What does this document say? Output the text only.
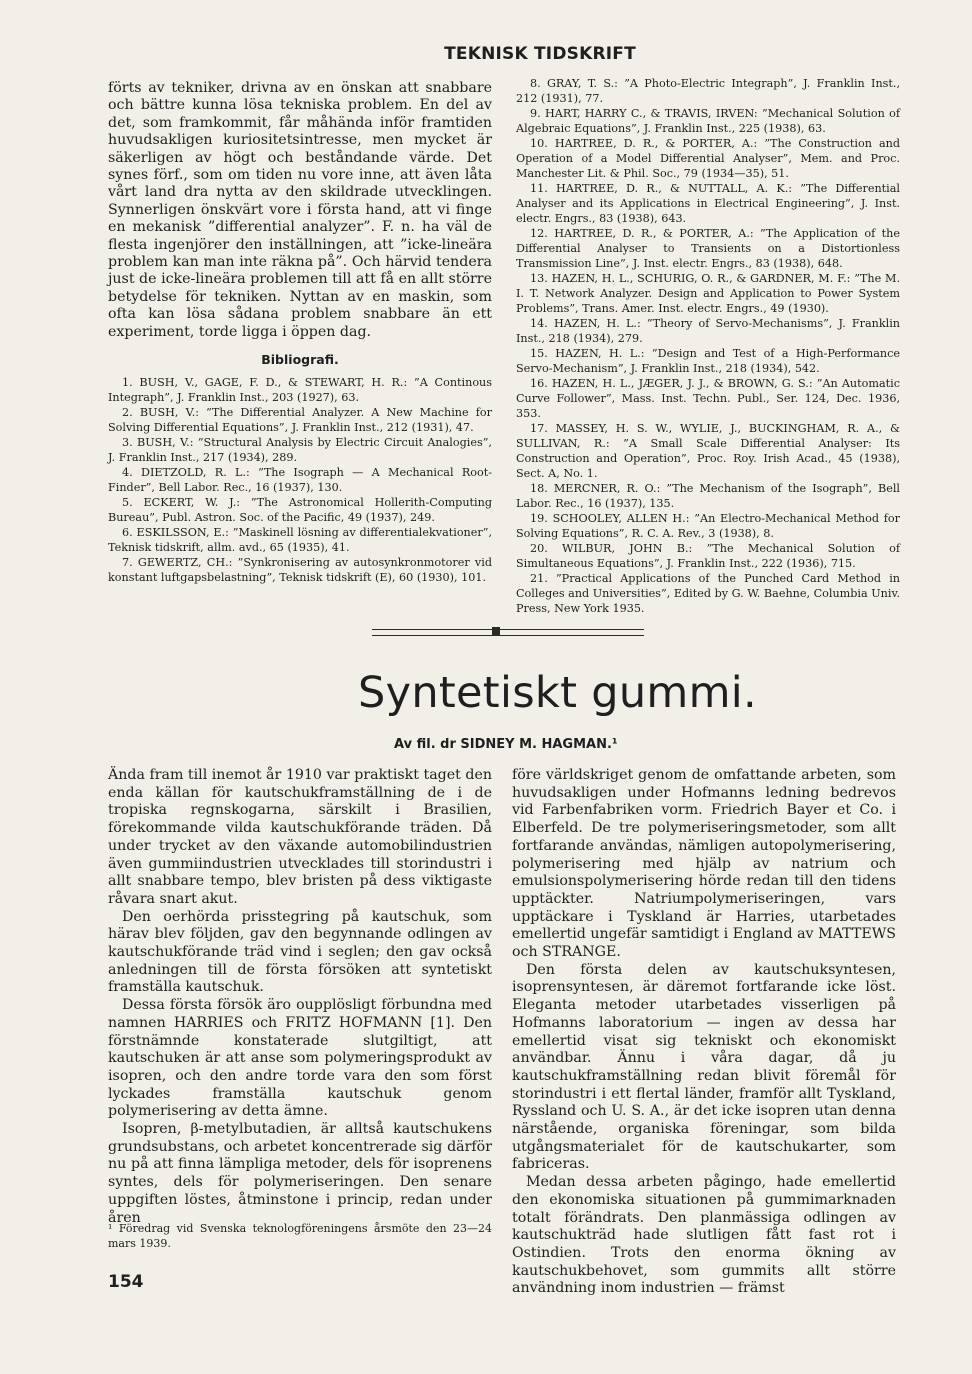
TEKNISK TIDSKRIFT

förts av tekniker, drivna av en önskan att snabbare och bättre kunna lösa tekniska problem. En del av det, som framkommit, får måhända inför framtiden huvudsakligen kuriositetsintresse, men mycket är säkerligen av högt och beståndande värde. Det synes förf., som om tiden nu vore inne, att även låta vårt land dra nytta av den skildrade utvecklingen. Synnerligen önskvärt vore i första hand, att vi finge en mekanisk ”differential analyzer”. F. n. ha väl de flesta ingenjörer den inställningen, att ”icke-lineära problem kan man inte räkna på”. Och härvid tendera just de icke-lineära problemen till att få en allt större betydelse för tekniken. Nyttan av en maskin, som ofta kan lösa sådana problem snabbare än ett experiment, torde ligga i öppen dag.

Bibliografi.

1. BUSH, V., GAGE, F. D., & STEWART, H. R.: ”A Continous Integraph”, J. Franklin Inst., 203 (1927), 63.

2. BUSH, V.: ”The Differential Analyzer. A New Machine for Solving Differential Equations”, J. Franklin Inst., 212 (1931), 47.

3. BUSH, V.: ”Structural Analysis by Electric Circuit Analogies”, J. Franklin Inst., 217 (1934), 289.

4. DIETZOLD, R. L.: ”The Isograph — A Mechanical Root-Finder”, Bell Labor. Rec., 16 (1937), 130.

5. ECKERT, W. J.: ”The Astronomical Hollerith-Computing Bureau”, Publ. Astron. Soc. of the Pacific, 49 (1937), 249.

6. ESKILSSON, E.: ”Maskinell lösning av differentialekvationer”, Teknisk tidskrift, allm. avd., 65 (1935), 41.

7. GEWERTZ, CH.: ”Synkronisering av autosynkronmotorer vid konstant luftgapsbelastning”, Teknisk tidskrift (E), 60 (1930), 101.

8. GRAY, T. S.: ”A Photo-Electric Integraph”, J. Franklin Inst., 212 (1931), 77.

9. HART, HARRY C., & TRAVIS, IRVEN: ”Mechanical Solution of Algebraic Equations”, J. Franklin Inst., 225 (1938), 63.

10. HARTREE, D. R., & PORTER, A.: ”The Construction and Operation of a Model Differential Analyser”, Mem. and Proc. Manchester Lit. & Phil. Soc., 79 (1934—35), 51.

11. HARTREE, D. R., & NUTTALL, A. K.: ”The Differential Analyser and its Applications in Electrical Engineering”, J. Inst. electr. Engrs., 83 (1938), 643.

12. HARTREE, D. R., & PORTER, A.: ”The Application of the Differential Analyser to Transients on a Distortionless Transmission Line”, J. Inst. electr. Engrs., 83 (1938), 648.

13. HAZEN, H. L., SCHURIG, O. R., & GARDNER, M. F.: ”The M. I. T. Network Analyzer. Design and Application to Power System Problems”, Trans. Amer. Inst. electr. Engrs., 49 (1930).

14. HAZEN, H. L.: ”Theory of Servo-Mechanisms”, J. Franklin Inst., 218 (1934), 279.

15. HAZEN, H. L.: ”Design and Test of a High-Performance Servo-Mechanism”, J. Franklin Inst., 218 (1934), 542.

16. HAZEN, H. L., JÆGER, J. J., & BROWN, G. S.: ”An Automatic Curve Follower”, Mass. Inst. Techn. Publ., Ser. 124, Dec. 1936, 353.

17. MASSEY, H. S. W., WYLIE, J., BUCKINGHAM, R. A., & SULLIVAN, R.: ”A Small Scale Differential Analyser: Its Construction and Operation”, Proc. Roy. Irish Acad., 45 (1938), Sect. A, No. 1.

18. MERCNER, R. O.: ”The Mechanism of the Isograph”, Bell Labor. Rec., 16 (1937), 135.

19. SCHOOLEY, ALLEN H.: ”An Electro-Mechanical Method for Solving Equations”, R. C. A. Rev., 3 (1938), 8.

20. WILBUR, JOHN B.: ”The Mechanical Solution of Simultaneous Equations”, J. Franklin Inst., 222 (1936), 715.

21. ”Practical Applications of the Punched Card Method in Colleges and Universities”, Edited by G. W. Baehne, Columbia Univ. Press, New York 1935.

Syntetiskt gummi.
Av fil. dr SIDNEY M. HAGMAN.¹

Ända fram till inemot år 1910 var praktiskt taget den enda källan för kautschukframställning de i de tropiska regnskogarna, särskilt i Brasilien, förekommande vilda kautschukförande träden. Då under trycket av den växande automobilindustrien även gummiindustrien utvecklades till storindustri i allt snabbare tempo, blev bristen på dess viktigaste råvara snart akut.

Den oerhörda prisstegring på kautschuk, som härav blev följden, gav den begynnande odlingen av kautschukförande träd vind i seglen; den gav också anledningen till de första försöken att syntetiskt framställa kautschuk.

Dessa första försök äro oupplösligt förbundna med namnen HARRIES och FRITZ HOFMANN [1]. Den förstnämnde konstaterade slutgiltigt, att kautschuken är att anse som polymeringsprodukt av isopren, och den andre torde vara den som först lyckades framställa kautschuk genom polymerisering av detta ämne.

Isopren, β-metylbutadien, är alltså kautschukens grundsubstans, och arbetet koncentrerade sig därför nu på att finna lämpliga metoder, dels för isoprenens syntes, dels för polymeriseringen. Den senare uppgiften löstes, åtminstone i princip, redan under åren

före världskriget genom de omfattande arbeten, som huvudsakligen under Hofmanns ledning bedrevos vid Farbenfabriken vorm. Friedrich Bayer et Co. i Elberfeld. De tre polymeriseringsmetoder, som allt fortfarande användas, nämligen autopolymerisering, polymerisering med hjälp av natrium och emulsionspolymerisering hörde redan till den tidens upptäckter. Natriumpolymeriseringen, vars upptäckare i Tyskland är Harries, utarbetades emellertid ungefär samtidigt i England av MATTEWS och STRANGE.

Den första delen av kautschuksyntesen, isoprensyntesen, är däremot fortfarande icke löst. Eleganta metoder utarbetades visserligen på Hofmanns laboratorium — ingen av dessa har emellertid visat sig tekniskt och ekonomiskt användbar. Ännu i våra dagar, då ju kautschukframställning redan blivit föremål för storindustri i ett flertal länder, framför allt Tyskland, Ryssland och U. S. A., är det icke isopren utan denna närstående, organiska föreningar, som bilda utgångsmaterialet för de kautschukarter, som fabriceras.

Medan dessa arbeten pågingo, hade emellertid den ekonomiska situationen på gummimarknaden totalt förändrats. Den planmässiga odlingen av kautschukträd hade slutligen fått fast rot i Ostindien. Trots den enorma ökning av kautschukbehovet, som gummits allt större användning inom industrien — främst

¹ Föredrag vid Svenska teknologföreningens årsmöte den 23—24 mars 1939.
154
